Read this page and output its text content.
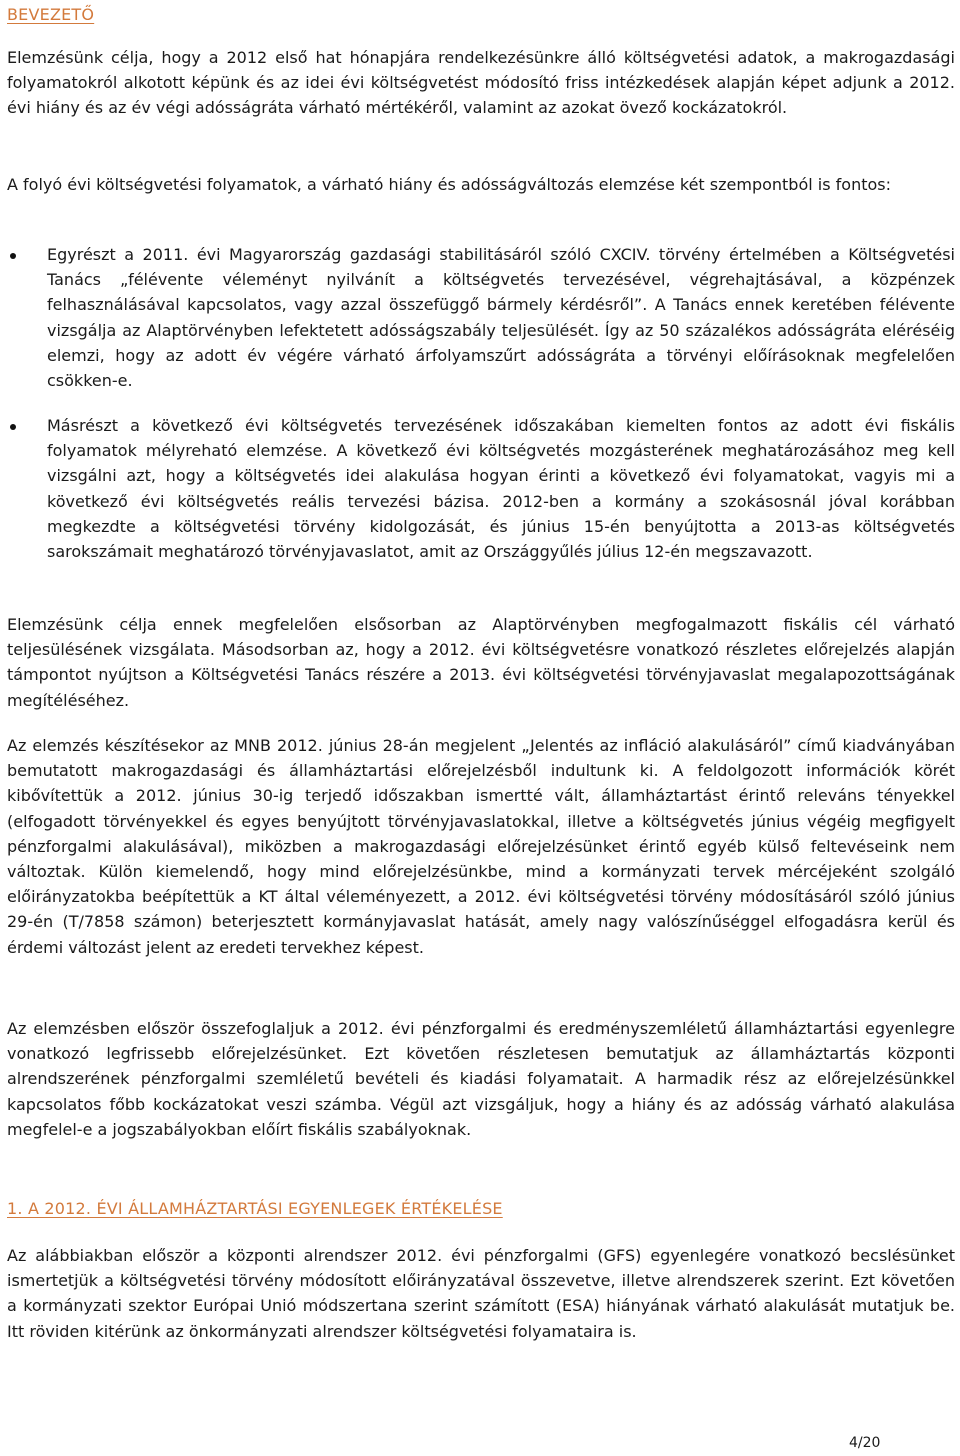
BEVEZETŐ

Elemzésünk célja, hogy a 2012 első hat hónapjára rendelkezésünkre álló költségvetési adatok, a makrogazdasági folyamatokról alkotott képünk és az idei évi költségvetést módosító friss intézkedések alapján képet adjunk a 2012. évi hiány és az év végi adósságráta várható mértékéről, valamint az azokat övező kockázatokról.

A folyó évi költségvetési folyamatok, a várható hiány és adósságváltozás elemzése két szempontból is fontos:

Egyrészt a 2011. évi Magyarország gazdasági stabilitásáról szóló CXCIV. törvény értelmében a Költségvetési Tanács „félévente véleményt nyilvánít a költségvetés tervezésével, végrehajtásával, a közpénzek felhasználásával kapcsolatos, vagy azzal összefüggő bármely kérdésről”. A Tanács ennek keretében félévente vizsgálja az Alaptörvényben lefektetett adósságszabály teljesülését. Így az 50 százalékos adósságráta eléréséig elemzi, hogy az adott év végére várható árfolyamszűrt adósságráta a törvényi előírásoknak megfelelően csökken-e.

Másrészt a következő évi költségvetés tervezésének időszakában kiemelten fontos az adott évi fiskális folyamatok mélyreható elemzése. A következő évi költségvetés mozgásterének meghatározásához meg kell vizsgálni azt, hogy a költségvetés idei alakulása hogyan érinti a következő évi folyamatokat, vagyis mi a következő évi költségvetés reális tervezési bázisa. 2012-ben a kormány a szokásosnál jóval korábban megkezdte a költségvetési törvény kidolgozását, és június 15-én benyújtotta a 2013-as költségvetés sarokszámait meghatározó törvényjavaslatot, amit az Országgyűlés július 12-én megszavazott.

Elemzésünk célja ennek megfelelően elsősorban az Alaptörvényben megfogalmazott fiskális cél várható teljesülésének vizsgálata. Másodsorban az, hogy a 2012. évi költségvetésre vonatkozó részletes előrejelzés alapján támpontot nyújtson a Költségvetési Tanács részére a 2013. évi költségvetési törvényjavaslat megalapozottságának megítéléséhez.

Az elemzés készítésekor az MNB 2012. június 28-án megjelent „Jelentés az infláció alakulásáról” című kiadványában bemutatott makrogazdasági és államháztartási előrejelzésből indultunk ki. A feldolgozott információk körét kibővítettük a 2012. június 30-ig terjedő időszakban ismertté vált, államháztartást érintő releváns tényekkel (elfogadott törvényekkel és egyes benyújtott törvényjavaslatokkal, illetve a költségvetés június végéig megfigyelt pénzforgalmi alakulásával), miközben a makrogazdasági előrejelzésünket érintő egyéb külső feltevéseink nem változtak. Külön kiemelendő, hogy mind előrejelzésünkbe, mind a kormányzati tervek mércéjeként szolgáló előirányzatokba beépítettük a KT által véleményezett, a 2012. évi költségvetési törvény módosításáról szóló június 29-én (T/7858 számon) beterjesztett kormányjavaslat hatását, amely nagy valószínűséggel elfogadásra kerül és érdemi változást jelent az eredeti tervekhez képest.

Az elemzésben először összefoglaljuk a 2012. évi pénzforgalmi és eredményszemléletű államháztartási egyenlegre vonatkozó legfrissebb előrejelzésünket. Ezt követően részletesen bemutatjuk az államháztartás központi alrendszerének pénzforgalmi szemléletű bevételi és kiadási folyamatait. A harmadik rész az előrejelzésünkkel kapcsolatos főbb kockázatokat veszi számba. Végül azt vizsgáljuk, hogy a hiány és az adósság várható alakulása megfelel-e a jogszabályokban előírt fiskális szabályoknak.

1. A 2012. ÉVI ÁLLAMHÁZTARTÁSI EGYENLEGEK ÉRTÉKELÉSE

Az alábbiakban először a központi alrendszer 2012. évi pénzforgalmi (GFS) egyenlegére vonatkozó becslésünket ismertetjük a költségvetési törvény módosított előirányzatával összevetve, illetve alrendszerek szerint. Ezt követően a kormányzati szektor Európai Unió módszertana szerint számított (ESA) hiányának várható alakulását mutatjuk be. Itt röviden kitérünk az önkormányzati alrendszer költségvetési folyamataira is.

4/20
